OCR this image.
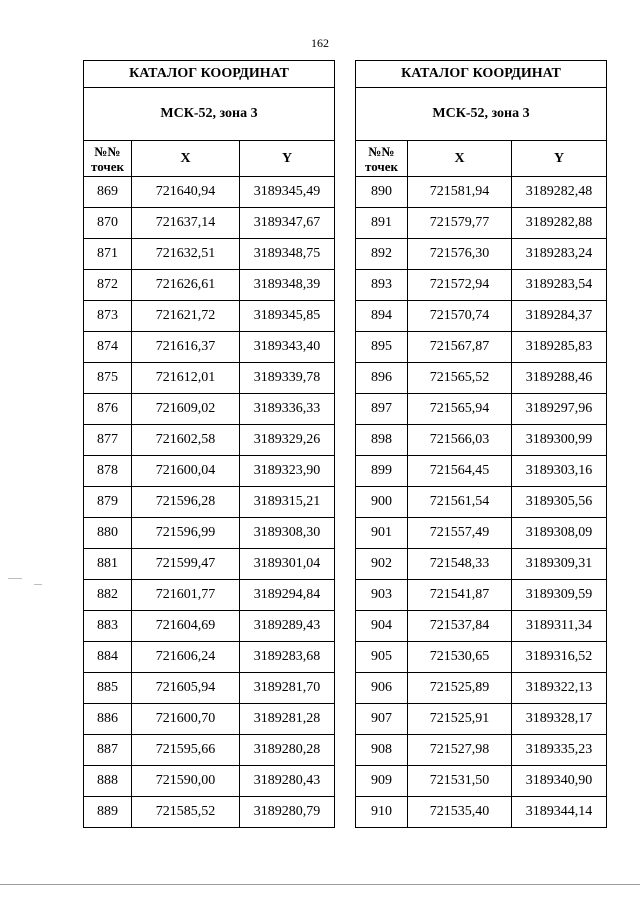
162
КАТАЛОГ КООРДИНАТ		
МСК-52, зона 3		
№№ точек	X	Y
869	721640,94	3189345,49
870	721637,14	3189347,67
871	721632,51	3189348,75
872	721626,61	3189348,39
873	721621,72	3189345,85
874	721616,37	3189343,40
875	721612,01	3189339,78
876	721609,02	3189336,33
877	721602,58	3189329,26
878	721600,04	3189323,90
879	721596,28	3189315,21
880	721596,99	3189308,30
881	721599,47	3189301,04
882	721601,77	3189294,84
883	721604,69	3189289,43
884	721606,24	3189283,68
885	721605,94	3189281,70
886	721600,70	3189281,28
887	721595,66	3189280,28
888	721590,00	3189280,43
889	721585,52	3189280,79
КАТАЛОГ КООРДИНАТ		
МСК-52, зона 3		
№№ точек	X	Y
890	721581,94	3189282,48
891	721579,77	3189282,88
892	721576,30	3189283,24
893	721572,94	3189283,54
894	721570,74	3189284,37
895	721567,87	3189285,83
896	721565,52	3189288,46
897	721565,94	3189297,96
898	721566,03	3189300,99
899	721564,45	3189303,16
900	721561,54	3189305,56
901	721557,49	3189308,09
902	721548,33	3189309,31
903	721541,87	3189309,59
904	721537,84	3189311,34
905	721530,65	3189316,52
906	721525,89	3189322,13
907	721525,91	3189328,17
908	721527,98	3189335,23
909	721531,50	3189340,90
910	721535,40	3189344,14
